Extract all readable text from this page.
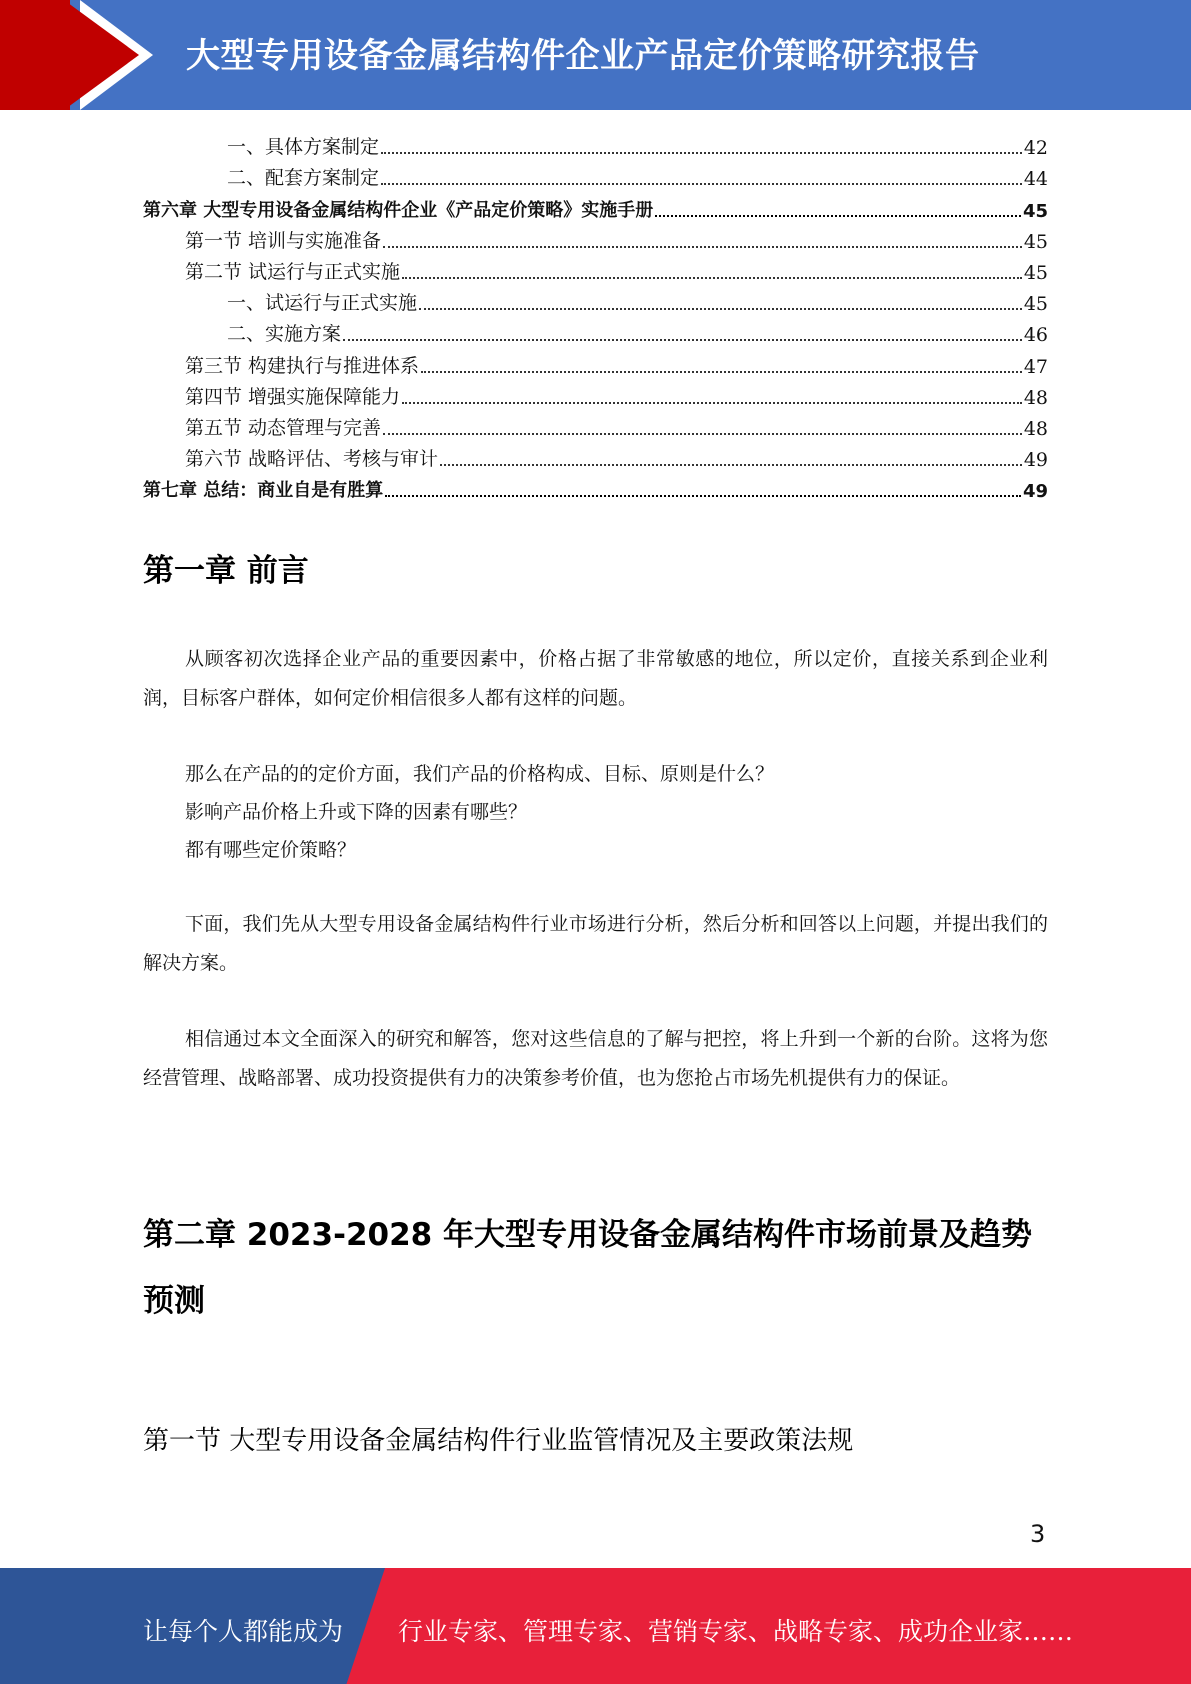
大型专用设备金属结构件企业产品定价策略研究报告
一、具体方案制定	42
二、配套方案制定	44
第六章 大型专用设备金属结构件企业《产品定价策略》实施手册	45
第一节 培训与实施准备	45
第二节 试运行与正式实施	45
一、试运行与正式实施	45
二、实施方案	46
第三节 构建执行与推进体系	47
第四节 增强实施保障能力	48
第五节 动态管理与完善	48
第六节 战略评估、考核与审计	49
第七章 总结：商业自是有胜算	49
第一章 前言
从顾客初次选择企业产品的重要因素中，价格占据了非常敏感的地位，所以定价，直接关系到企业利润，目标客户群体，如何定价相信很多人都有这样的问题。
那么在产品的的定价方面，我们产品的价格构成、目标、原则是什么？
影响产品价格上升或下降的因素有哪些？
都有哪些定价策略？
下面，我们先从大型专用设备金属结构件行业市场进行分析，然后分析和回答以上问题，并提出我们的解决方案。
相信通过本文全面深入的研究和解答，您对这些信息的了解与把控，将上升到一个新的台阶。这将为您经营管理、战略部署、成功投资提供有力的决策参考价值，也为您抢占市场先机提供有力的保证。
第二章 2023-2028 年大型专用设备金属结构件市场前景及趋势预测
第一节 大型专用设备金属结构件行业监管情况及主要政策法规
3
让每个人都能成为 行业专家、管理专家、营销专家、战略专家、成功企业家……
